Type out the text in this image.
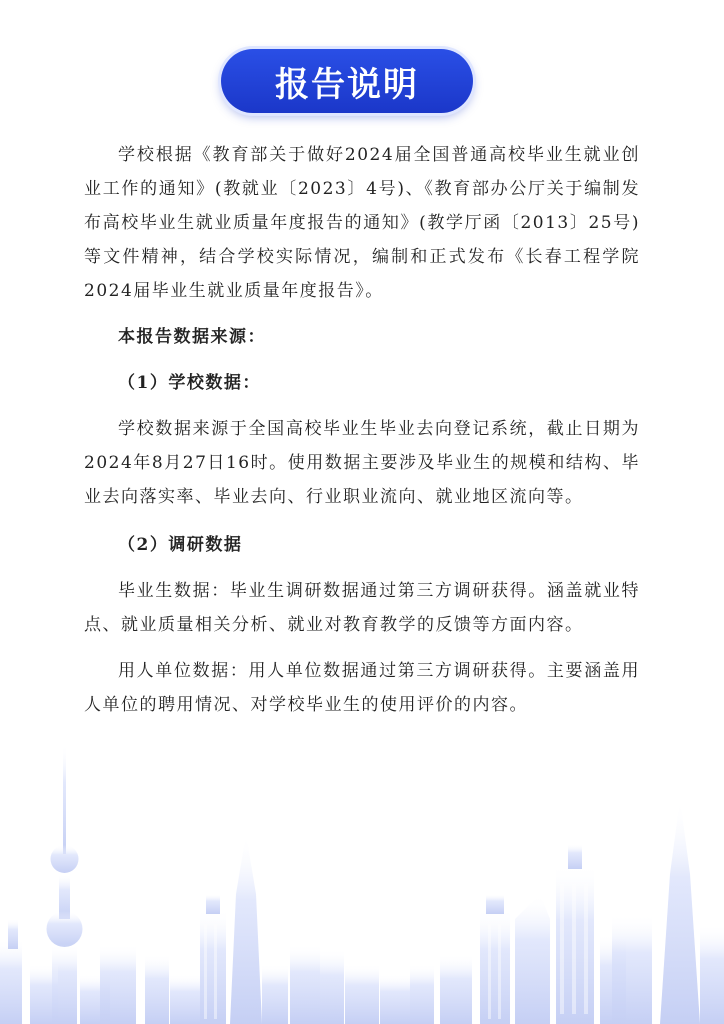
报告说明

学校根据《教育部关于做好2024届全国普通高校毕业生就业创业工作的通知》(教就业〔2023〕4号)、《教育部办公厅关于编制发布高校毕业生就业质量年度报告的通知》(教学厅函〔2013〕25号)等文件精神，结合学校实际情况，编制和正式发布《长春工程学院2024届毕业生就业质量年度报告》。

本报告数据来源：

（1）学校数据：

学校数据来源于全国高校毕业生毕业去向登记系统，截止日期为2024年8月27日16时。使用数据主要涉及毕业生的规模和结构、毕业去向落实率、毕业去向、行业职业流向、就业地区流向等。

（2）调研数据

毕业生数据：毕业生调研数据通过第三方调研获得。涵盖就业特点、就业质量相关分析、就业对教育教学的反馈等方面内容。

用人单位数据：用人单位数据通过第三方调研获得。主要涵盖用人单位的聘用情况、对学校毕业生的使用评价的内容。
